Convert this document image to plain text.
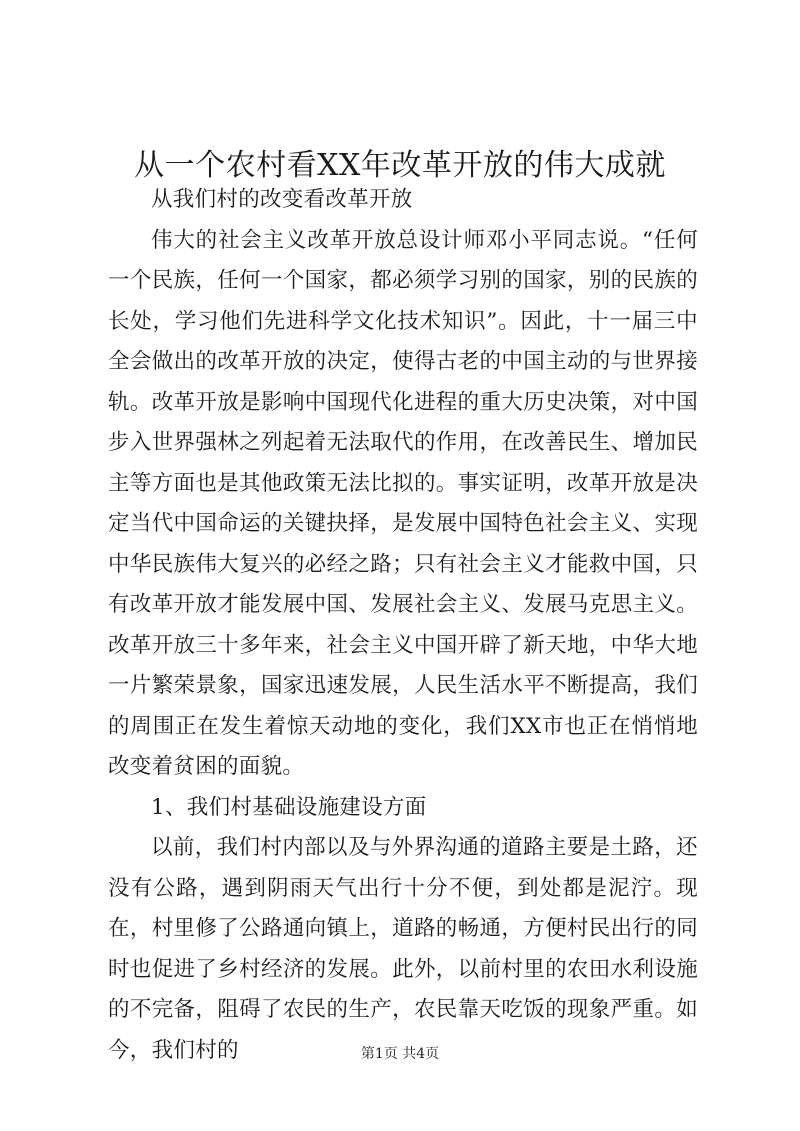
从一个农村看XX年改革开放的伟大成就

从我们村的改变看改革开放

伟大的社会主义改革开放总设计师邓小平同志说。“任何一个民族，任何一个国家，都必须学习别的国家，别的民族的长处，学习他们先进科学文化技术知识”。因此，十一届三中全会做出的改革开放的决定，使得古老的中国主动的与世界接轨。改革开放是影响中国现代化进程的重大历史决策，对中国步入世界强林之列起着无法取代的作用，在改善民生、增加民主等方面也是其他政策无法比拟的。事实证明，改革开放是决定当代中国命运的关键抉择，是发展中国特色社会主义、实现中华民族伟大复兴的必经之路；只有社会主义才能救中国，只有改革开放才能发展中国、发展社会主义、发展马克思主义。改革开放三十多年来，社会主义中国开辟了新天地，中华大地一片繁荣景象，国家迅速发展，人民生活水平不断提高，我们的周围正在发生着惊天动地的变化，我们XX市也正在悄悄地改变着贫困的面貌。

1、我们村基础设施建设方面

以前，我们村内部以及与外界沟通的道路主要是土路，还没有公路，遇到阴雨天气出行十分不便，到处都是泥泞。现在，村里修了公路通向镇上，道路的畅通，方便村民出行的同时也促进了乡村经济的发展。此外，以前村里的农田水利设施的不完备，阻碍了农民的生产，农民靠天吃饭的现象严重。如今，我们村的	第1页 共4页
